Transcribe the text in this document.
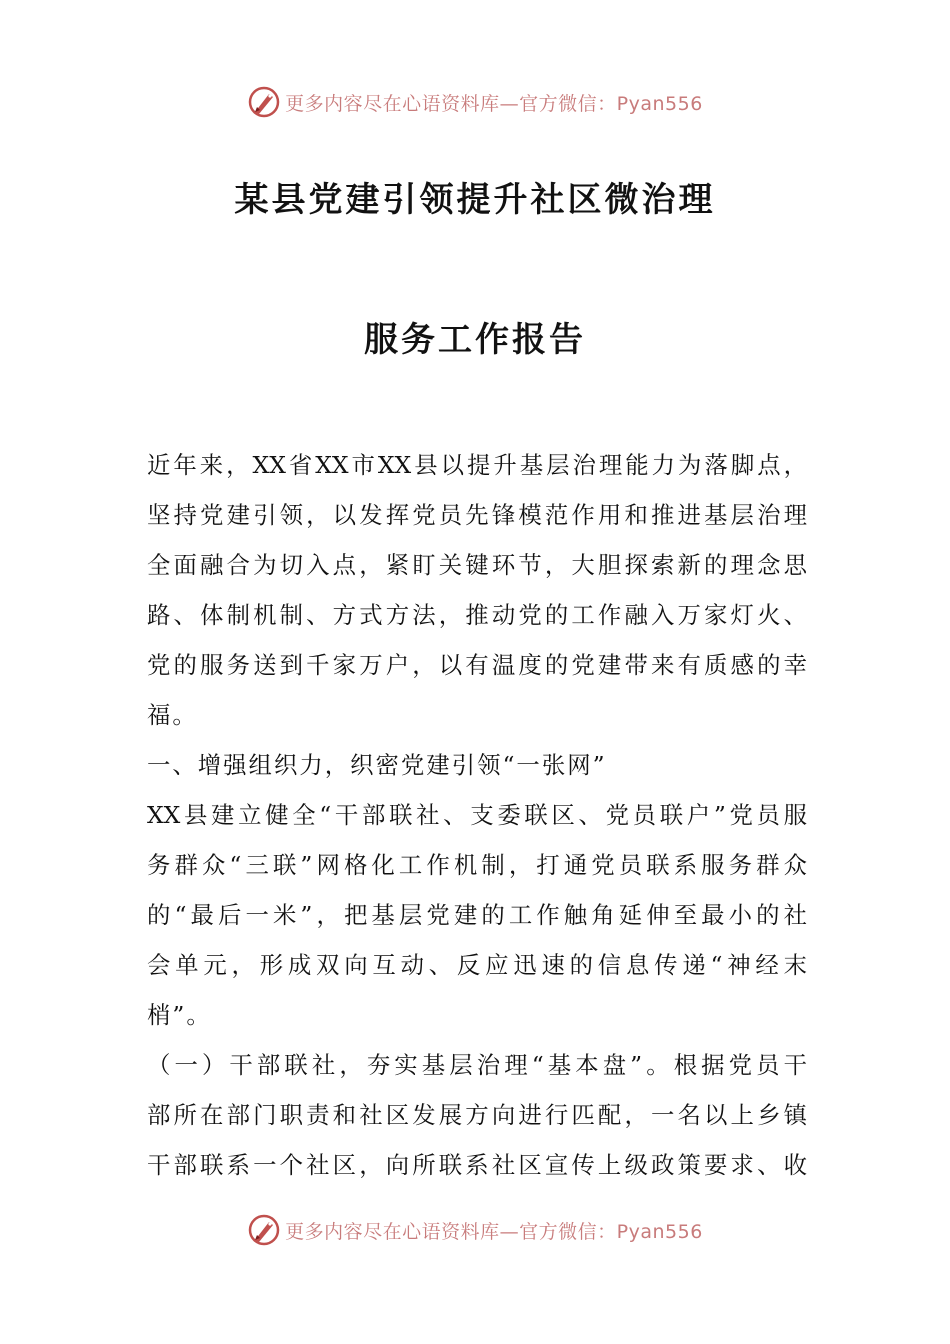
更多内容尽在心语资料库—官方微信：Pyan556
某县党建引领提升社区微治理
服务工作报告
近年来，XX省XX市XX县以提升基层治理能力为落脚点，
坚持党建引领，以发挥党员先锋模范作用和推进基层治理
全面融合为切入点，紧盯关键环节，大胆探索新的理念思
路、体制机制、方式方法，推动党的工作融入万家灯火、
党的服务送到千家万户，以有温度的党建带来有质感的幸
福。
一、增强组织力，织密党建引领“一张网”
XX县建立健全“干部联社、支委联区、党员联户”党员服
务群众“三联”网格化工作机制，打通党员联系服务群众
的“最后一米”，把基层党建的工作触角延伸至最小的社
会单元，形成双向互动、反应迅速的信息传递“神经末
梢”。
（一）干部联社，夯实基层治理“基本盘”。根据党员干
部所在部门职责和社区发展方向进行匹配，一名以上乡镇
干部联系一个社区，向所联系社区宣传上级政策要求、收
更多内容尽在心语资料库—官方微信：Pyan556
